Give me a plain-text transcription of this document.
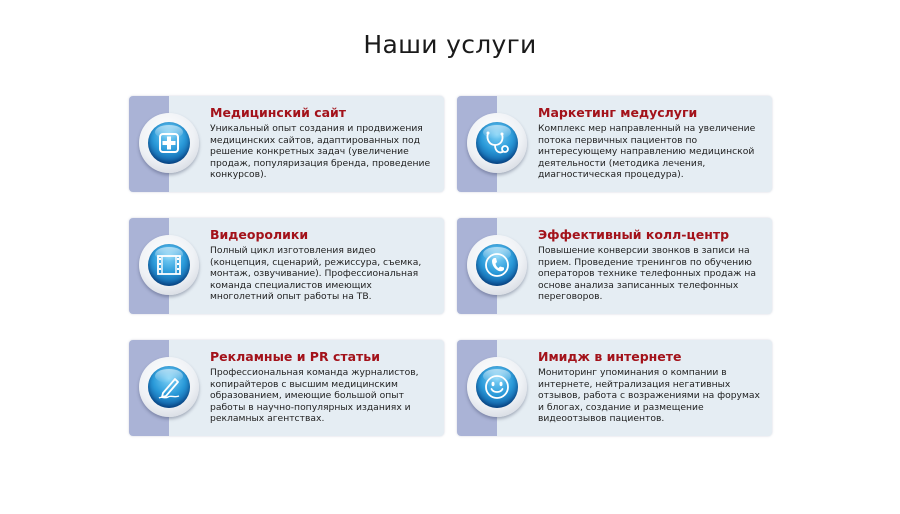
Наши услуги
Медицинский сайт
Уникальный опыт создания и продвижения медицинских сайтов, адаптированных под решение конкретных задач (увеличение продаж, популяризация бренда, проведение конкурсов).
Маркетинг медуслуги
Комплекс мер направленный на увеличение потока первичных пациентов по интересующему направлению медицинской деятельности (методика лечения, диагностическая процедура).
Видеоролики
Полный цикл изготовления видео (концепция, сценарий, режиссура, съемка, монтаж, озвучивание). Профессиональная команда специалистов имеющих многолетний опыт работы на ТВ.
Эффективный колл-центр
Повышение конверсии звонков в записи на прием. Проведение тренингов по обучению операторов технике телефонных продаж на основе анализа записанных телефонных переговоров.
Рекламные и PR статьи
Профессиональная команда журналистов, копирайтеров с высшим медицинским образованием, имеющие большой опыт работы в научно-популярных изданиях и рекламных агентствах.
Имидж в интернете
Мониторинг упоминания о компании в интернете, нейтрализация негативных отзывов, работа с возражениями на форумах и блогах, создание и размещение видеоотзывов пациентов.
